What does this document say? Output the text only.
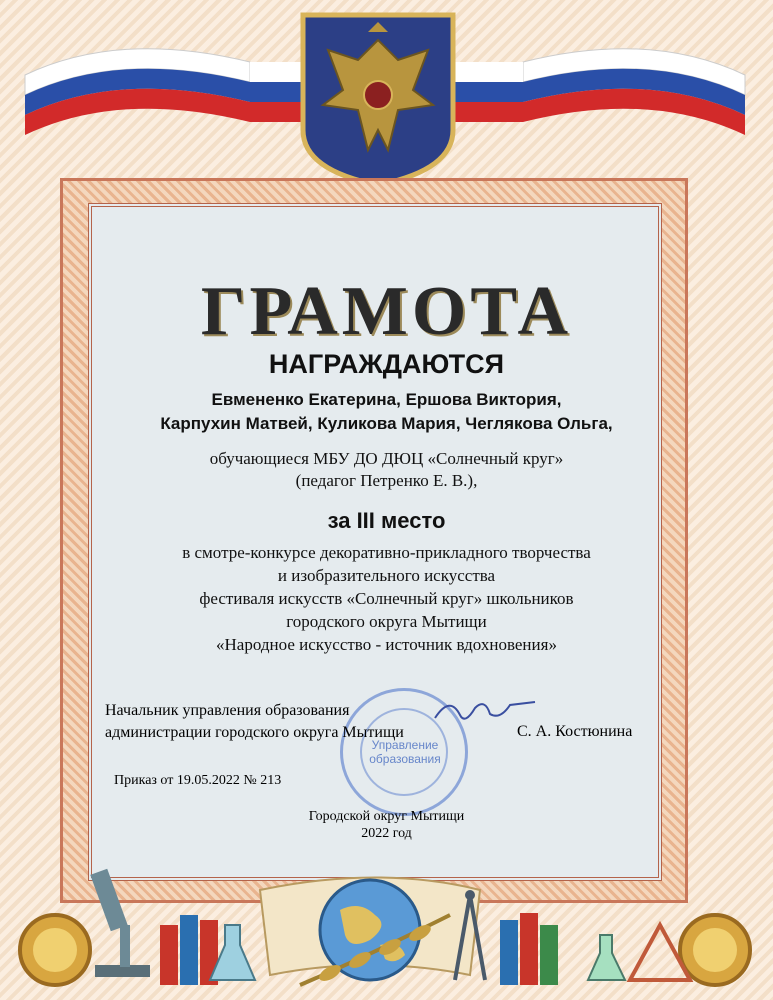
ГРАМОТА
НАГРАЖДАЮТСЯ
Евмененко Екатерина, Ершова Виктория,
Карпухин Матвей, Куликова Мария, Чеглякова Ольга,
обучающиеся МБУ ДО ДЮЦ «Солнечный круг»
(педагог Петренко Е. В.),
за III место
в смотре-конкурсе декоративно-прикладного творчества
и изобразительного искусства
фестиваля искусств «Солнечный круг» школьников
городского округа Мытищи
«Народное искусство - источник вдохновения»
Управление
образования
Начальник управления образования
администрации городского округа Мытищи	С. А. Костюнина
Приказ от 19.05.2022 № 213
Городской округ Мытищи
2022 год
